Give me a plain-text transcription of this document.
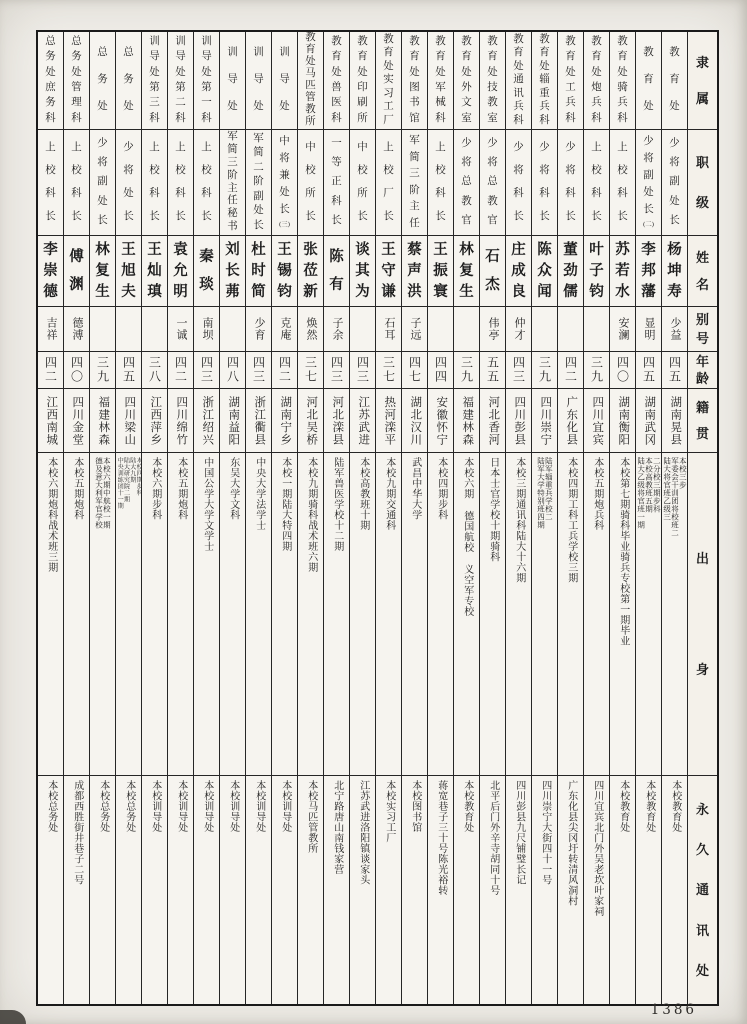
隶
属
职
级
姓
名
别
号
年
龄
籍
贯
出
身
永
久
通
讯
处
教
育
处
少
将
副
处
长
杨
坤
寿
少益
四五
湖南晃县
本校三步
军委会干训团将校班二
陆大将官班乙级三
本校教育处
教
育
处
少
将
副
处
长
(二)
李
邦
藩
显明
四五
湖南武冈
二分校三期步科
本校高教班五期
陆大乙级将官班一期
本校教育处
教
育
处
骑
兵
科
上
校
科
长
苏
若
水
安澜
四〇
湖南衡阳
本校第七期骑科毕业骑兵专校第一期毕业
本校教育处
教
育
处
炮
兵
科
上
校
科
长
叶
子
钧
三九
四川宜宾
本校五期炮兵科
四川宜宾北门外吴老坎叶家祠
教
育
处
工
兵
科
少
将
科
长
董
劲
儒
四二
广东化县
本校四期工科工兵学校三期
广东化县尖冈圩转清风洞村
教
育
处
辎
重
兵
科
少
将
科
长
陈
众
闻
三九
四川崇宁
陆军辎重兵学校二
陆军大学特别班四期
四川崇宁大街四十一号
教
育
处
通
讯
兵
科
少
将
科
长
庄
成
良
仲才
四三
四川彭县
本校三期通讯科陆大十六期
四川彭县九尺铺璧长记
教
育
处
技
教
室
少
将
总
教
官
石
杰
伟亭
五五
河北香河
日本士官学校十期骑科
北平后门外辛寺胡同十号
教
育
处
外
文
室
少
将
总
教
官
林
复
生
三九
福建林森
本校六期 德国航校 义空军专校
本校教育处
教
育
处
军
械
科
上
校
科
长
王
振
寰
四四
安徽怀宁
本校四期步科
蒋宽巷子三十号陈光裕转
教
育
处
图
书
馆
军
简
三
阶
主
任
蔡
声
洪
子远
四七
湖北汉川
武昌中华大学
本校图书馆
教
育
处
实
习
工
厂
上
校
厂
长
王
守
谦
石耳
三七
热河滦平
本校九期交通科
本校实习工厂
教
育
处
印
刷
所
中
校
所
长
谈
其
为
四三
江苏武进
本校高教班十期
江苏武进洛阳镇谈家头
教
育
处
兽
医
科
一
等
正
科
长
陈
有
子余
四三
河北滦县
陆军兽医学校十二期
北宁路唐山南钱家营
教
育
处
马
匹
管
教
所
中
校
所
长
张
莅
新
焕然
三七
河北吴桥
本校九期骑科战术班六期
本校马匹管教所
训
导
处
中
将
兼
处
长
(三)
王
锡
钧
克庵
四二
湖南宁乡
本校一期陆大特四期
本校训导处
训
导
处
军
简
二
阶
副
处
长
杜
时
简
少育
四三
浙江衢县
中央大学法学士
本校训导处
训
导
处
军
简
三
阶
主
任
秘
书
刘
长
茀
四八
湖南益阳
东吴大学文科
本校训导处
训
导
处
第
一
科
上
校
科
长
秦
琰
南坝
四三
浙江绍兴
中国公学大学文学士
本校训导处
训
导
处
第
二
科
上
校
科
长
袁
允
明
一诚
四二
四川绵竹
本校五期炮科
本校训导处
训
导
处
第
三
科
上
校
科
长
王
灿
瑱
三八
江西萍乡
本校六期步科
本校训导处
总
务
处
少
将
处
长
王
旭
夫
四五
四川梁山
本校四期步科
陆大九期
陆大研究院二期
中央训练团十一期
本校总务处
总
务
处
少
将
副
处
长
林
复
生
三九
福建林森
本校六期中航校一期
德及意大利军官学校
本校总务处
总
务
处
管
理
科
上
校
科
长
傅
渊
德溥
四〇
四川金堂
本校五期炮科
成都西胜街井巷子二号
总
务
处
庶
务
科
上
校
科
长
李
崇
德
吉祥
四二
江西南城
本校六期炮科战术班三期
本校总务处
1386
